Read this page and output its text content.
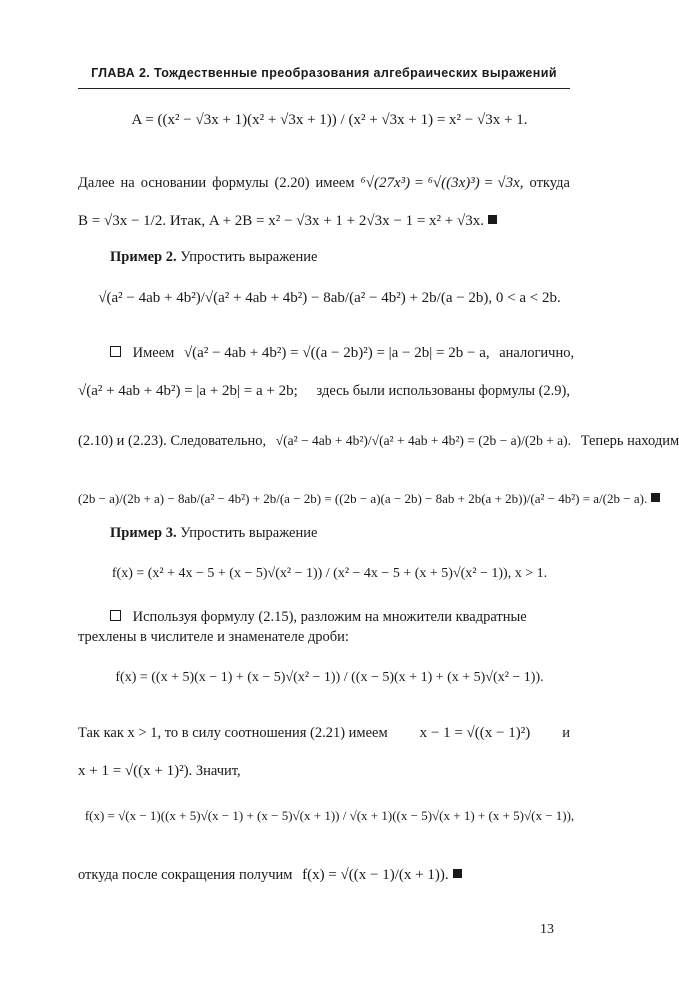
ГЛАВА 2. Тождественные преобразования алгебраических выражений
A = ((x² − √3x + 1)(x² + √3x + 1)) / (x² + √3x + 1) = x² − √3x + 1.
Далее на основании формулы (2.20) имеем ⁶√(27x³) = ⁶√((3x)³) = √3x, откуда
B = √3x − 1/2. Итак, A + 2B = x² − √3x + 1 + 2√3x − 1 = x² + √3x.
Пример 2. Упростить выражение
√(a² − 4ab + 4b²)/√(a² + 4ab + 4b²) − 8ab/(a² − 4b²) + 2b/(a − 2b), 0 < a < 2b.
Имеем √(a² − 4ab + 4b²) = √((a − 2b)²) = |a − 2b| = 2b − a, аналогично,
√(a² + 4ab + 4b²) = |a + 2b| = a + 2b; здесь были использованы формулы (2.9),
(2.10) и (2.23). Следовательно, √(a² − 4ab + 4b²)/√(a² + 4ab + 4b²) = (2b − a)/(2b + a). Теперь находим
(2b − a)/(2b + a) − 8ab/(a² − 4b²) + 2b/(a − 2b) = ((2b − a)(a − 2b) − 8ab + 2b(a + 2b))/(a² − 4b²) = a/(2b − a).
Пример 3. Упростить выражение
f(x) = (x² + 4x − 5 + (x − 5)√(x² − 1)) / (x² − 4x − 5 + (x + 5)√(x² − 1)), x > 1.
Используя формулу (2.15), разложим на множители квадратные
трехлены в числителе и знаменателе дроби:
f(x) = ((x + 5)(x − 1) + (x − 5)√(x² − 1)) / ((x − 5)(x + 1) + (x + 5)√(x² − 1)).
Так как x > 1, то в силу соотношения (2.21) имеем x − 1 = √((x − 1)²) и
x + 1 = √((x + 1)²). Значит,
f(x) = √(x − 1)((x + 5)√(x − 1) + (x − 5)√(x + 1)) / √(x + 1)((x − 5)√(x + 1) + (x + 5)√(x − 1)),
откуда после сокращения получим f(x) = √((x − 1)/(x + 1)).
13
